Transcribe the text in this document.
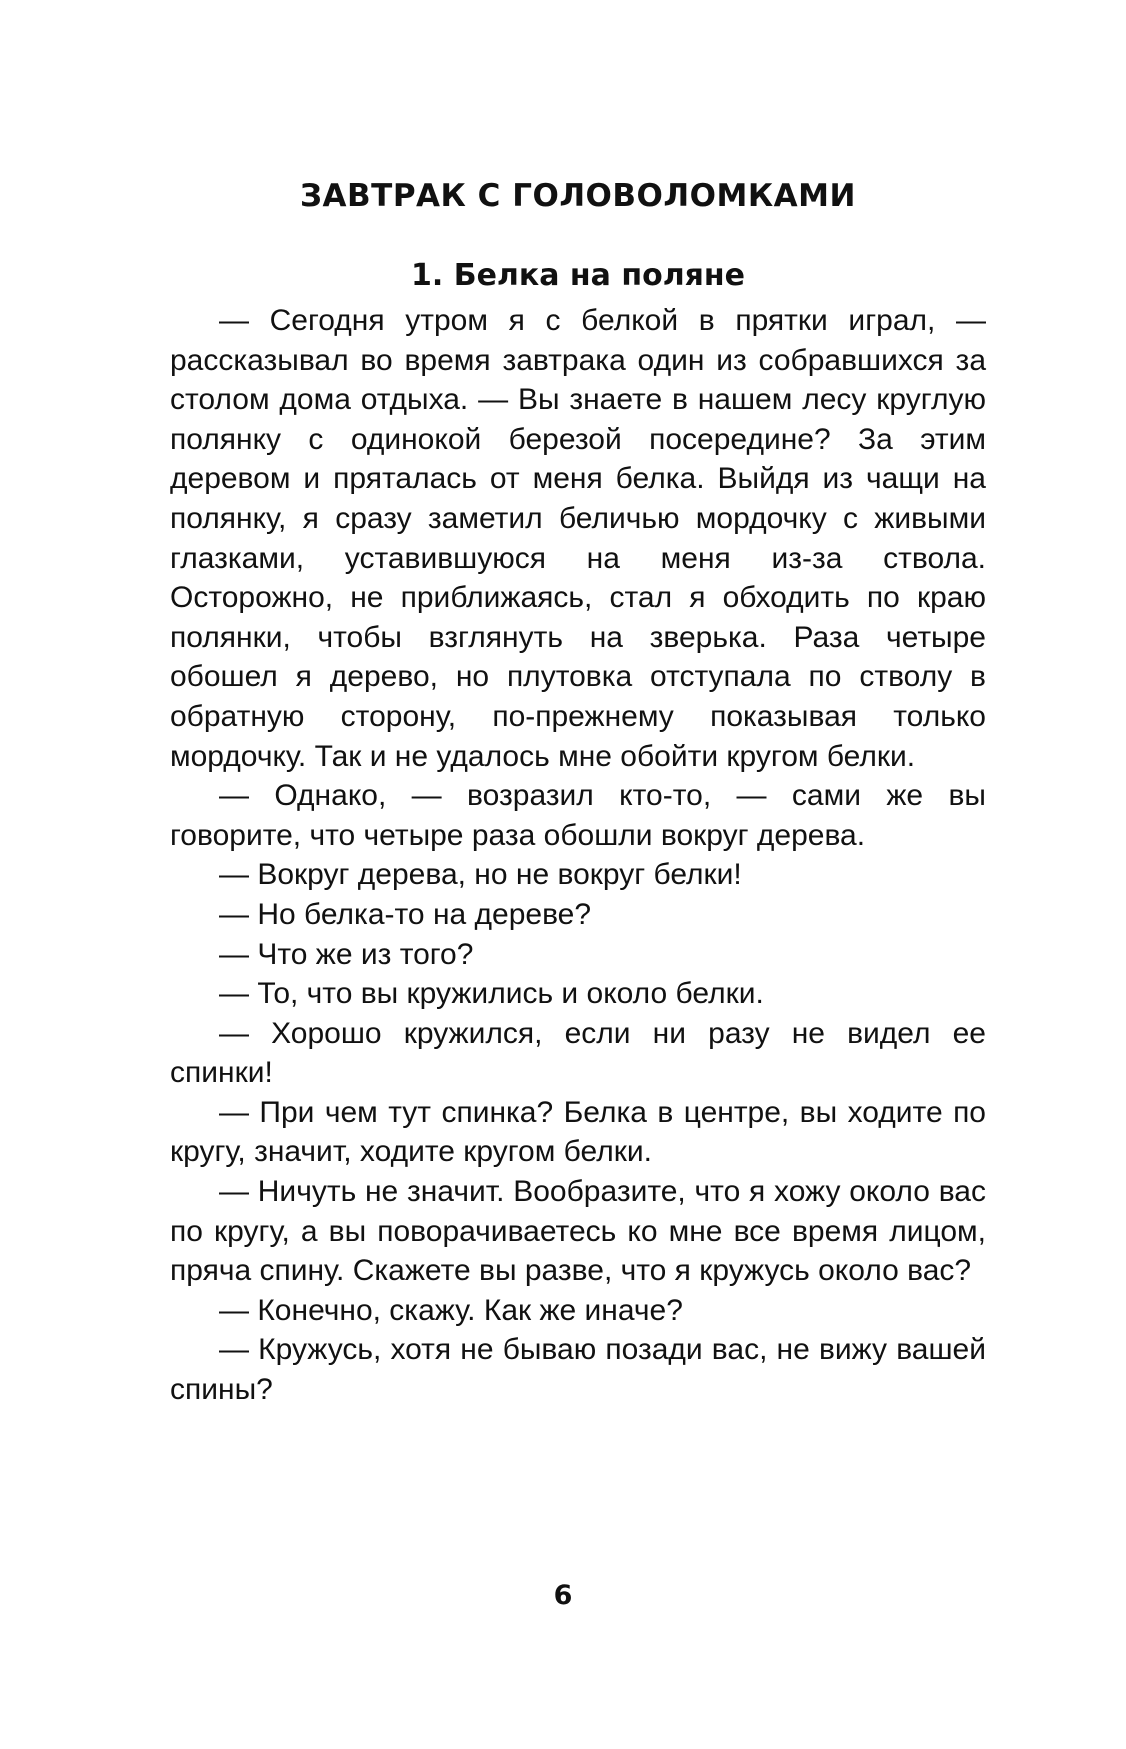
ЗАВТРАК С ГОЛОВОЛОМКАМИ
1. Белка на поляне

— Сегодня утром я с белкой в прятки играл, — рассказывал во время завтрака один из собравшихся за столом дома отдыха. — Вы знаете в нашем лесу круглую полянку с одинокой березой посередине? За этим деревом и пряталась от меня белка. Выйдя из чащи на полянку, я сразу заметил беличью мордочку с живыми глазками, уставившуюся на меня из-за ствола. Осторожно, не приближаясь, стал я обходить по краю полянки, чтобы взглянуть на зверька. Раза четыре обошел я дерево, но плутовка отступала по стволу в обратную сторону, по-прежнему показывая только мордочку. Так и не удалось мне обойти кругом белки.

— Однако, — возразил кто-то, — сами же вы говорите, что четыре раза обошли вокруг дерева.

— Вокруг дерева, но не вокруг белки!

— Но белка-то на дереве?

— Что же из того?

— То, что вы кружились и около белки.

— Хорошо кружился, если ни разу не видел ее спинки!

— При чем тут спинка? Белка в центре, вы ходите по кругу, значит, ходите кругом белки.

— Ничуть не значит. Вообразите, что я хожу около вас по кругу, а вы поворачиваетесь ко мне все время лицом, пряча спину. Скажете вы разве, что я кружусь около вас?

— Конечно, скажу. Как же иначе?

— Кружусь, хотя не бываю позади вас, не вижу вашей спины?

6
